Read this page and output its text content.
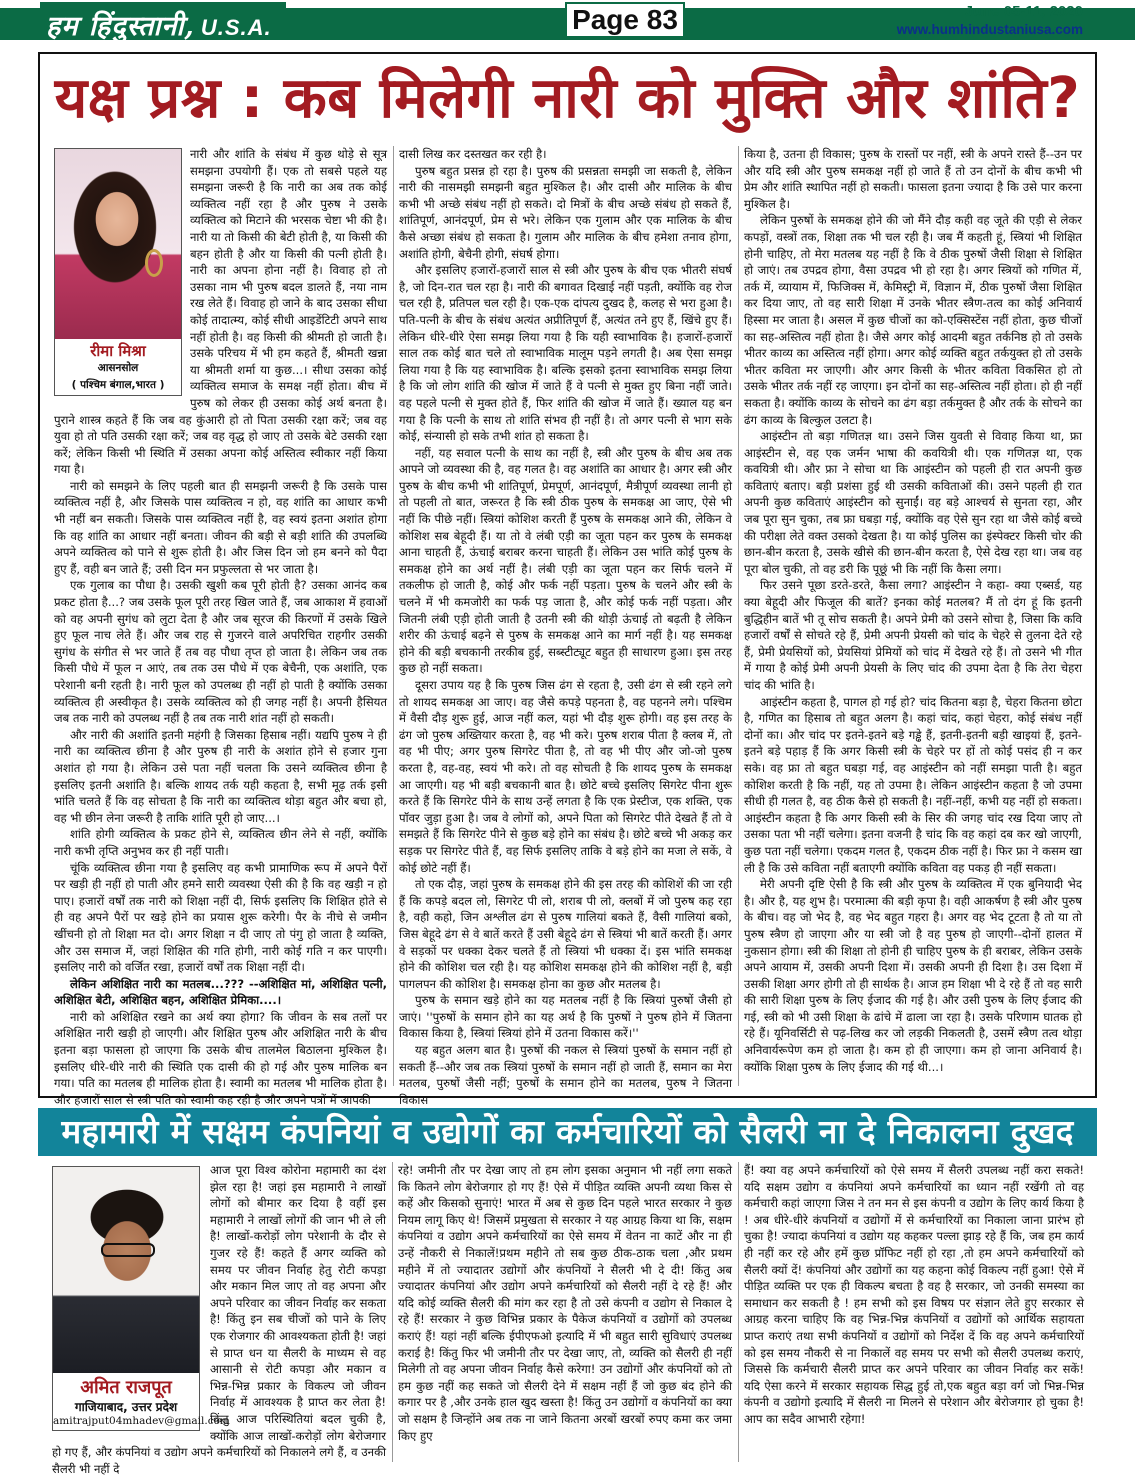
हम हिंदुस्तानी, U.S.A.	Page 83	June 05-11, 2020
www.humhindustaniusa.com
यक्ष प्रश्न : कब मिलेगी नारी को मुक्ति और शांति?
रीमा मिश्रा
आसनसोल
( पश्चिम बंगाल,भारत )

नारी और शांति के संबंध में कुछ थोड़े से सूत्र समझना उपयोगी हैं। एक तो सबसे पहले यह समझना जरूरी है कि नारी का अब तक कोई व्यक्तित्व नहीं रहा है और पुरुष ने उसके व्यक्तित्व को मिटाने की भरसक चेष्टा भी की है। नारी या तो किसी की बेटी होती है, या किसी की बहन होती है और या किसी की पत्नी होती है। नारी का अपना होना नहीं है। विवाह हो तो उसका नाम भी पुरुष बदल डालते हैं, नया नाम रख लेते हैं। विवाह हो जाने के बाद उसका सीधा कोई तादात्म्य, कोई सीधी आइडेंटिटी अपने साथ नहीं होती है। वह किसी की श्रीमती हो जाती है। उसके परिचय में भी हम कहते हैं, श्रीमती खन्ना या श्रीमती शर्मा या कुछ...। सीधा उसका कोई व्यक्तित्व समाज के समक्ष नहीं होता। बीच में पुरुष को लेकर ही उसका कोई अर्थ बनता है। पुराने शास्त्र कहते हैं कि जब वह कुंआरी हो तो पिता उसकी रक्षा करें; जब वह युवा हो तो पति उसकी रक्षा करें; जब वह वृद्ध हो जाए तो उसके बेटे उसकी रक्षा करें; लेकिन किसी भी स्थिति में उसका अपना कोई अस्तित्व स्वीकार नहीं किया गया है।

नारी को समझने के लिए पहली बात ही समझनी जरूरी है कि उसके पास व्यक्तित्व नहीं है, और जिसके पास व्यक्तित्व न हो, वह शांति का आधार कभी भी नहीं बन सकती। जिसके पास व्यक्तित्व नहीं है, वह स्वयं इतना अशांत होगा कि वह शांति का आधार नहीं बनता। जीवन की बड़ी से बड़ी शांति की उपलब्धि अपने व्यक्तित्व को पाने से शुरू होती है। और जिस दिन जो हम बनने को पैदा हुए हैं, वही बन जाते हैं; उसी दिन मन प्रफुल्लता से भर जाता है।

एक गुलाब का पौधा है। उसकी खुशी कब पूरी होती है? उसका आनंद कब प्रकट होता है...? जब उसके फूल पूरी तरह खिल जाते हैं, जब आकाश में हवाओं को वह अपनी सुगंध को लुटा देता है और जब सूरज की किरणों में उसके खिले हुए फूल नाच लेते हैं। और जब राह से गुजरने वाले अपरिचित राहगीर उसकी सुगंध के संगीत से भर जाते हैं तब वह पौधा तृप्त हो जाता है। लेकिन जब तक किसी पौधे में फूल न आएं, तब तक उस पौधे में एक बेचैनी, एक अशांति, एक परेशानी बनी रहती है। नारी फूल को उपलब्ध ही नहीं हो पाती है क्योंकि उसका व्यक्तित्व ही अस्वीकृत है। उसके व्यक्तित्व को ही जगह नहीं है। अपनी हैसियत जब तक नारी को उपलब्ध नहीं है तब तक नारी शांत नहीं हो सकती।

और नारी की अशांति इतनी महंगी है जिसका हिसाब नहीं। यद्यपि पुरुष ने ही नारी का व्यक्तित्व छीना है और पुरुष ही नारी के अशांत होने से हजार गुना अशांत हो गया है। लेकिन उसे पता नहीं चलता कि उसने व्यक्तित्व छीना है इसलिए इतनी अशांति है। बल्कि शायद तर्क यही कहता है, सभी मूढ़ तर्क इसी भांति चलते हैं कि वह सोचता है कि नारी का व्यक्तित्व थोड़ा बहुत और बचा हो, वह भी छीन लेना जरूरी है ताकि शांति पूरी हो जाए...।

शांति होगी व्यक्तित्व के प्रकट होने से, व्यक्तित्व छीन लेने से नहीं, क्योंकि नारी कभी तृप्ति अनुभव कर ही नहीं पाती।

चूंकि व्यक्तित्व छीना गया है इसलिए वह कभी प्रामाणिक रूप में अपने पैरों पर खड़ी ही नहीं हो पाती और हमने सारी व्यवस्था ऐसी की है कि वह खड़ी न हो पाए। हजारों वर्षों तक नारी को शिक्षा नहीं दी, सिर्फ इसलिए कि शिक्षित होते से ही वह अपने पैरों पर खड़े होने का प्रयास शुरू करेगी। पैर के नीचे से जमीन खींचनी हो तो शिक्षा मत दो। अगर शिक्षा न दी जाए तो पंगु हो जाता है व्यक्ति, और उस समाज में, जहां शिक्षित की गति होगी, नारी कोई गति न कर पाएगी। इसलिए नारी को वर्जित रखा, हजारों वर्षों तक शिक्षा नहीं दी।

लेकिन अशिक्षित नारी का मतलब...??? --अशिक्षित मां, अशिक्षित पत्नी, अशिक्षित बेटी, अशिक्षित बहन, अशिक्षित प्रेमिका....।

नारी को अशिक्षित रखने का अर्थ क्या होगा? कि जीवन के सब तलों पर अशिक्षित नारी खड़ी हो जाएगी। और शिक्षित पुरुष और अशिक्षित नारी के बीच इतना बड़ा फासला हो जाएगा कि उसके बीच तालमेल बिठालना मुश्किल है। इसलिए धीरे-धीरे नारी की स्थिति एक दासी की हो गई और पुरुष मालिक बन गया। पति का मतलब ही मालिक होता है। स्वामी का मतलब भी मालिक होता है। और हजारों साल से स्त्री पति को स्वामी कह रही है और अपने पत्रों में आपकी

दासी लिख कर दस्तखत कर रही है।

पुरुष बहुत प्रसन्न हो रहा है। पुरुष की प्रसन्नता समझी जा सकती है, लेकिन नारी की नासमझी समझनी बहुत मुश्किल है। और दासी और मालिक के बीच कभी भी अच्छे संबंध नहीं हो सकते। दो मित्रों के बीच अच्छे संबंध हो सकते हैं, शांतिपूर्ण, आनंदपूर्ण, प्रेम से भरे। लेकिन एक गुलाम और एक मालिक के बीच कैसे अच्छा संबंध हो सकता है। गुलाम और मालिक के बीच हमेशा तनाव होगा, अशांति होगी, बेचैनी होगी, संघर्ष होगा।

और इसलिए हजारों-हजारों साल से स्त्री और पुरुष के बीच एक भीतरी संघर्ष है, जो दिन-रात चल रहा है। नारी की बगावत दिखाई नहीं पड़ती, क्योंकि वह रोज चल रही है, प्रतिपल चल रही है। एक-एक दांपत्य दुखद है, कलह से भरा हुआ है। पति-पत्नी के बीच के संबंध अत्यंत अप्रीतिपूर्ण हैं, अत्यंत तने हुए हैं, खिंचे हुए हैं। लेकिन धीरे-धीरे ऐसा समझ लिया गया है कि यही स्वाभाविक है। हजारों-हजारों साल तक कोई बात चले तो स्वाभाविक मालूम पड़ने लगती है। अब ऐसा समझ लिया गया है कि यह स्वाभाविक है। बल्कि इसको इतना स्वाभाविक समझ लिया है कि जो लोग शांति की खोज में जाते हैं वे पत्नी से मुक्त हुए बिना नहीं जाते। वह पहले पत्नी से मुक्त होते हैं, फिर शांति की खोज में जाते हैं। ख्याल यह बन गया है कि पत्नी के साथ तो शांति संभव ही नहीं है। तो अगर पत्नी से भाग सके कोई, संन्यासी हो सके तभी शांत हो सकता है।

नहीं, यह सवाल पत्नी के साथ का नहीं है, स्त्री और पुरुष के बीच अब तक आपने जो व्यवस्था की है, वह गलत है। वह अशांति का आधार है। अगर स्त्री और पुरुष के बीच कभी भी शांतिपूर्ण, प्रेमपूर्ण, आनंदपूर्ण, मैत्रीपूर्ण व्यवस्था लानी हो तो पहली तो बात, जरूरत है कि स्त्री ठीक पुरुष के समकक्ष आ जाए, ऐसे भी नहीं कि पीछे नहीं। स्त्रियां कोशिश करती हैं पुरुष के समकक्ष आने की, लेकिन वे कोशिश सब बेहूदी हैं। या तो वे लंबी एड़ी का जूता पहन कर पुरुष के समकक्ष आना चाहती हैं, ऊंचाई बराबर करना चाहती हैं। लेकिन उस भांति कोई पुरुष के समकक्ष होने का अर्थ नहीं है। लंबी एड़ी का जूता पहन कर सिर्फ चलने में तकलीफ हो जाती है, कोई और फर्क नहीं पड़ता। पुरुष के चलने और स्त्री के चलने में भी कमजोरी का फर्क पड़ जाता है, और कोई फर्क नहीं पड़ता। और जितनी लंबी एड़ी होती जाती है उतनी स्त्री की थोड़ी ऊंचाई तो बढ़ती है लेकिन शरीर की ऊंचाई बढ़ने से पुरुष के समकक्ष आने का मार्ग नहीं है। यह समकक्ष होने की बड़ी बचकानी तरकीब हुई, सब्स्टीट्यूट बहुत ही साधारण हुआ। इस तरह कुछ हो नहीं सकता।

दूसरा उपाय यह है कि पुरुष जिस ढंग से रहता है, उसी ढंग से स्त्री रहने लगे तो शायद समकक्ष आ जाए। वह जैसे कपड़े पहनता है, वह पहनने लगे। पश्चिम में वैसी दौड़ शुरू हुई, आज नहीं कल, यहां भी दौड़ शुरू होगी। वह इस तरह के ढंग जो पुरुष अख्तियार करता है, वह भी करे। पुरुष शराब पीता है क्लब में, तो वह भी पीए; अगर पुरुष सिगरेट पीता है, तो वह भी पीए और जो-जो पुरुष करता है, वह-वह, स्वयं भी करे। तो वह सोचती है कि शायद पुरुष के समकक्ष आ जाएगी। यह भी बड़ी बचकानी बात है। छोटे बच्चे इसलिए सिगरेट पीना शुरू करते हैं कि सिगरेट पीने के साथ उन्हें लगता है कि एक प्रेस्टीज, एक शक्ति, एक पॉवर जुड़ा हुआ है। जब वे लोगों को, अपने पिता को सिगरेट पीते देखते हैं तो वे समझते हैं कि सिगरेट पीने से कुछ बड़े होने का संबंध है। छोटे बच्चे भी अकड़ कर सड़क पर सिगरेट पीते हैं, वह सिर्फ इसलिए ताकि वे बड़े होने का मजा ले सकें, वे कोई छोटे नहीं हैं।

तो एक दौड़, जहां पुरुष के समकक्ष होने की इस तरह की कोशिशें की जा रही हैं कि कपड़े बदल लो, सिगरेट पी लो, शराब पी लो, क्लबों में जो पुरुष कह रहा है, वही कहो, जिन अश्लील ढंग से पुरुष गालियां बकते हैं, वैसी गालियां बको, जिस बेहूदे ढंग से वे बातें करते हैं उसी बेहूदे ढंग से स्त्रियां भी बातें करती हैं। अगर वे सड़कों पर धक्का देकर चलते हैं तो स्त्रियां भी धक्का दें। इस भांति समकक्ष होने की कोशिश चल रही है। यह कोशिश समकक्ष होने की कोशिश नहीं है, बड़ी पागलपन की कोशिश है। समकक्ष होना का कुछ और मतलब है।

पुरुष के समान खड़े होने का यह मतलब नहीं है कि स्त्रियां पुरुषों जैसी हो जाएं। ''पुरुषों के समान होने का यह अर्थ है कि पुरुषों ने पुरुष होने में जितना विकास किया है, स्त्रियां स्त्रियां होने में उतना विकास करें।''

यह बहुत अलग बात है। पुरुषों की नकल से स्त्रियां पुरुषों के समान नहीं हो सकती हैं--और जब तक स्त्रियां पुरुषों के समान नहीं हो जाती हैं, समान का मेरा मतलब, पुरुषों जैसी नहीं; पुरुषों के समान होने का मतलब, पुरुष ने जितना विकास

किया है, उतना ही विकास; पुरुष के रास्तों पर नहीं, स्त्री के अपने रास्ते हैं--उन पर और यदि स्त्री और पुरुष समकक्ष नहीं हो जाते हैं तो उन दोनों के बीच कभी भी प्रेम और शांति स्थापित नहीं हो सकती। फासला इतना ज्यादा है कि उसे पार करना मुश्किल है।

लेकिन पुरुषों के समकक्ष होने की जो मैंने दौड़ कही वह जूते की एड़ी से लेकर कपड़ों, वस्त्रों तक, शिक्षा तक भी चल रही है। जब मैं कहती हूं, स्त्रियां भी शिक्षित होनी चाहिए, तो मेरा मतलब यह नहीं है कि वे ठीक पुरुषों जैसी शिक्षा से शिक्षित हो जाएं। तब उपद्रव होगा, वैसा उपद्रव भी हो रहा है। अगर स्त्रियों को गणित में, तर्क में, व्यायाम में, फिजिक्स में, केमिस्ट्री में, विज्ञान में, ठीक पुरुषों जैसा शिक्षित कर दिया जाए, तो वह सारी शिक्षा में उनके भीतर स्त्रैण-तत्व का कोई अनिवार्य हिस्सा मर जाता है। असल में कुछ चीजों का को-एक्सिस्टेंस नहीं होता, कुछ चीजों का सह-अस्तित्व नहीं होता है। जैसे अगर कोई आदमी बहुत तर्कनिष्ठ हो तो उसके भीतर काव्य का अस्तित्व नहीं होगा। अगर कोई व्यक्ति बहुत तर्कयुक्त हो तो उसके भीतर कविता मर जाएगी। और अगर किसी के भीतर कविता विकसित हो तो उसके भीतर तर्क नहीं रह जाएगा। इन दोनों का सह-अस्तित्व नहीं होता। हो ही नहीं सकता है। क्योंकि काव्य के सोचने का ढंग बड़ा तर्कमुक्त है और तर्क के सोचने का ढंग काव्य के बिल्कुल उलटा है।

आइंस्टीन तो बड़ा गणितज्ञ था। उसने जिस युवती से विवाह किया था, फ्रा आइंस्टीन से, वह एक जर्मन भाषा की कवयित्री थी। एक गणितज्ञ था, एक कवयित्री थी। और फ्रा ने सोचा था कि आइंस्टीन को पहली ही रात अपनी कुछ कविताएं बताए। बड़ी प्रशंसा हुई थी उसकी कविताओं की। उसने पहली ही रात अपनी कुछ कविताएं आइंस्टीन को सुनाईं। वह बड़े आश्चर्य से सुनता रहा, और जब पूरा सुन चुका, तब फ्रा घबड़ा गई, क्योंकि वह ऐसे सुन रहा था जैसे कोई बच्चे की परीक्षा लेते वक्त उसको देखता है। या कोई पुलिस का इंस्पेक्टर किसी चोर की छान-बीन करता है, उसके खीसे की छान-बीन करता है, ऐसे देख रहा था। जब वह पूरा बोल चुकी, तो वह डरी कि पूछूं भी कि नहीं कि कैसा लगा।

फिर उसने पूछा डरते-डरते, कैसा लगा? आइंस्टीन ने कहा- क्या एब्सर्ड, यह क्या बेहूदी और फिजूल की बातें? इनका कोई मतलब? मैं तो दंग हूं कि इतनी बुद्धिहीन बातें भी तू सोच सकती है। अपने प्रेमी को उसने सोचा है, जिसा कि कवि हजारों वर्षों से सोचते रहे हैं, प्रेमी अपनी प्रेयसी को चांद के चेहरे से तुलना देते रहे हैं, प्रेमी प्रेयसियों को, प्रेयसियां प्रेमियों को चांद में देखते रहे हैं। तो उसने भी गीत में गाया है कोई प्रेमी अपनी प्रेयसी के लिए चांद की उपमा देता है कि तेरा चेहरा चांद की भांति है।

आइंस्टीन कहता है, पागल हो गई हो? चांद कितना बड़ा है, चेहरा कितना छोटा है, गणित का हिसाब तो बहुत अलग है। कहां चांद, कहां चेहरा, कोई संबंध नहीं दोनों का। और चांद पर इतने-इतने बड़े गड्ढे हैं, इतनी-इतनी बड़ी खाइयां हैं, इतने-इतने बड़े पहाड़ हैं कि अगर किसी स्त्री के चेहरे पर हों तो कोई पसंद ही न कर सके। वह फ्रा तो बहुत घबड़ा गई, वह आइंस्टीन को नहीं समझा पाती है। बहुत कोशिश करती है कि नहीं, यह तो उपमा है। लेकिन आइंस्टीन कहता है जो उपमा सीधी ही गलत है, वह ठीक कैसे हो सकती है। नहीं-नहीं, कभी यह नहीं हो सकता। आइंस्टीन कहता है कि अगर किसी स्त्री के सिर की जगह चांद रख दिया जाए तो उसका पता भी नहीं चलेगा। इतना वजनी है चांद कि वह कहां दब कर खो जाएगी, कुछ पता नहीं चलेगा। एकदम गलत है, एकदम ठीक नहीं है। फिर फ्रा ने कसम खा ली है कि उसे कविता नहीं बताएगी क्योंकि कविता वह पकड़ ही नहीं सकता।

मेरी अपनी दृष्टि ऐसी है कि स्त्री और पुरुष के व्यक्तित्व में एक बुनियादी भेद है। और है, यह शुभ है। परमात्मा की बड़ी कृपा है। वही आकर्षण है स्त्री और पुरुष के बीच। वह जो भेद है, वह भेद बहुत गहरा है। अगर वह भेद टूटता है तो या तो पुरुष स्त्रैण हो जाएगा और या स्त्री जो है वह पुरुष हो जाएगी--दोनों हालत में नुकसान होगा। स्त्री की शिक्षा तो होनी ही चाहिए पुरुष के ही बराबर, लेकिन उसके अपने आयाम में, उसकी अपनी दिशा में। उसकी अपनी ही दिशा है। उस दिशा में उसकी शिक्षा अगर होगी तो ही सार्थक है। आज हम शिक्षा भी दे रहे हैं तो वह सारी की सारी शिक्षा पुरुष के लिए ईजाद की गई है। और उसी पुरुष के लिए ईजाद की गई, स्त्री को भी उसी शिक्षा के ढांचे में ढाला जा रहा है। उसके परिणाम घातक हो रहे हैं। यूनिवर्सिटी से पढ़-लिख कर जो लड़की निकलती है, उसमें स्त्रैण तत्व थोड़ा अनिवार्यरूपेण कम हो जाता है। कम हो ही जाएगा। कम हो जाना अनिवार्य है। क्योंकि शिक्षा पुरुष के लिए ईजाद की गई थी...।

महामारी में सक्षम कंपनियां व उद्योगों का कर्मचारियों को सैलरी ना दे निकालना दुखद
अमित राजपूत
गाजियाबाद, उत्तर प्रदेश
amitrajput04mhadev@gmail.com
आज पूरा विश्व कोरोना महामारी का दंश झेल रहा है! जहां इस महामारी ने लाखों लोगों को बीमार कर दिया है वहीं इस महामारी ने लाखों लोगों की जान भी ले ली है! लाखों-करोड़ों लोग परेशानी के दौर से गुजर रहे हैं! कहते हैं अगर व्यक्ति को समय पर जीवन निर्वाह हेतु रोटी कपड़ा और मकान मिल जाए तो वह अपना और अपने परिवार का जीवन निर्वाह कर सकता है! किंतु इन सब चीजों को पाने के लिए एक रोजगार की आवश्यकता होती है! जहां से प्राप्त धन या सैलरी के माध्यम से वह आसानी से रोटी कपड़ा और मकान व भिन्न-भिन्न प्रकार के विकल्प जो जीवन निर्वाह में आवश्यक है प्राप्त कर लेता है! किंतु आज परिस्थितियां बदल चुकी है, क्योंकि आज लाखों-करोड़ों लोग बेरोजगार हो गए हैं, और कंपनियां व उद्योग अपने कर्मचारियों को निकालने लगे हैं, व उनकी सैलरी भी नहीं दे
रहे! जमीनी तौर पर देखा जाए तो हम लोग इसका अनुमान भी नहीं लगा सकते कि कितने लोग बेरोजगार हो गए हैं! ऐसे में पीड़ित व्यक्ति अपनी व्यथा किस से कहें और किसको सुनाएं! भारत में अब से कुछ दिन पहले भारत सरकार ने कुछ नियम लागू किए थे! जिसमें प्रमुखता से सरकार ने यह आग्रह किया था कि, सक्षम कंपनियां व उद्योग अपने कर्मचारियों का ऐसे समय में वेतन ना काटें और ना ही उन्हें नौकरी से निकालें!प्रथम महीने तो सब कुछ ठीक-ठाक चला ,और प्रथम महीने में तो ज्यादातर उद्योगों और कंपनियों ने सैलरी भी दे दी! किंतु अब ज्यादातर कंपनियां और उद्योग अपने कर्मचारियों को सैलरी नहीं दे रहे हैं! और यदि कोई व्यक्ति सैलरी की मांग कर रहा है तो उसे कंपनी व उद्योग से निकाल दे रहे हैं! सरकार ने कुछ विभिन्न प्रकार के पैकेज कंपनियों व उद्योगों को उपलब्ध कराएं हैं! यहां नहीं बल्कि ईपीएफओ इत्यादि में भी बहुत सारी सुविधाएं उपलब्ध कराई है! किंतु फिर भी जमीनी तौर पर देखा जाए, तो, व्यक्ति को सैलरी ही नहीं मिलेगी तो वह अपना जीवन निर्वाह कैसे करेगा! उन उद्योगों और कंपनियों को तो हम कुछ नहीं कह सकते जो सैलरी देने में सक्षम नहीं हैं जो कुछ बंद होने की कगार पर है ,और उनके हाल खुद खस्ता है! किंतु उन उद्योगों व कंपनियों का क्या जो सक्षम है जिन्होंने अब तक ना जाने कितना अरबों खरबों रुपए कमा कर जमा किए हुए
हैं! क्या वह अपने कर्मचारियों को ऐसे समय में सैलरी उपलब्ध नहीं करा सकते! यदि सक्षम उद्योग व कंपनियां अपने कर्मचारियों का ध्यान नहीं रखेंगी तो वह कर्मचारी कहां जाएगा जिस ने तन मन से इस कंपनी व उद्योग के लिए कार्य किया है ! अब धीरे-धीरे कंपनियों व उद्योगों में से कर्मचारियों का निकाला जाना प्रारंभ हो चुका है! ज्यादा कंपनियां व उद्योग यह कहकर पल्ला झाड़ रहे हैं कि, जब हम कार्य ही नहीं कर रहे और हमें कुछ प्रॉफिट नहीं हो रहा ,तो हम अपने कर्मचारियों को सैलरी क्यों दें! कंपनियां और उद्योगों का यह कहना कोई विकल्प नहीं हुआ! ऐसे में पीड़ित व्यक्ति पर एक ही विकल्प बचता है वह है सरकार, जो उनकी समस्या का समाधान कर सकती है ! हम सभी को इस विषय पर संज्ञान लेते हुए सरकार से आग्रह करना चाहिए कि वह भिन्न-भिन्न कंपनियों व उद्योगों को आर्थिक सहायता प्राप्त कराएं तथा सभी कंपनियों व उद्योगों को निर्देश दें कि वह अपने कर्मचारियों को इस समय नौकरी से ना निकालें वह समय पर सभी को सैलरी उपलब्ध कराएं, जिससे कि कर्मचारी सैलरी प्राप्त कर अपने परिवार का जीवन निर्वाह कर सकें! यदि ऐसा करने में सरकार सहायक सिद्ध हुई तो,एक बहुत बड़ा वर्ग जो भिन्न-भिन्न कंपनी व उद्योगो इत्यादि में सैलरी ना मिलने से परेशान और बेरोजगार हो चुका है! आप का सदैव आभारी रहेगा!
